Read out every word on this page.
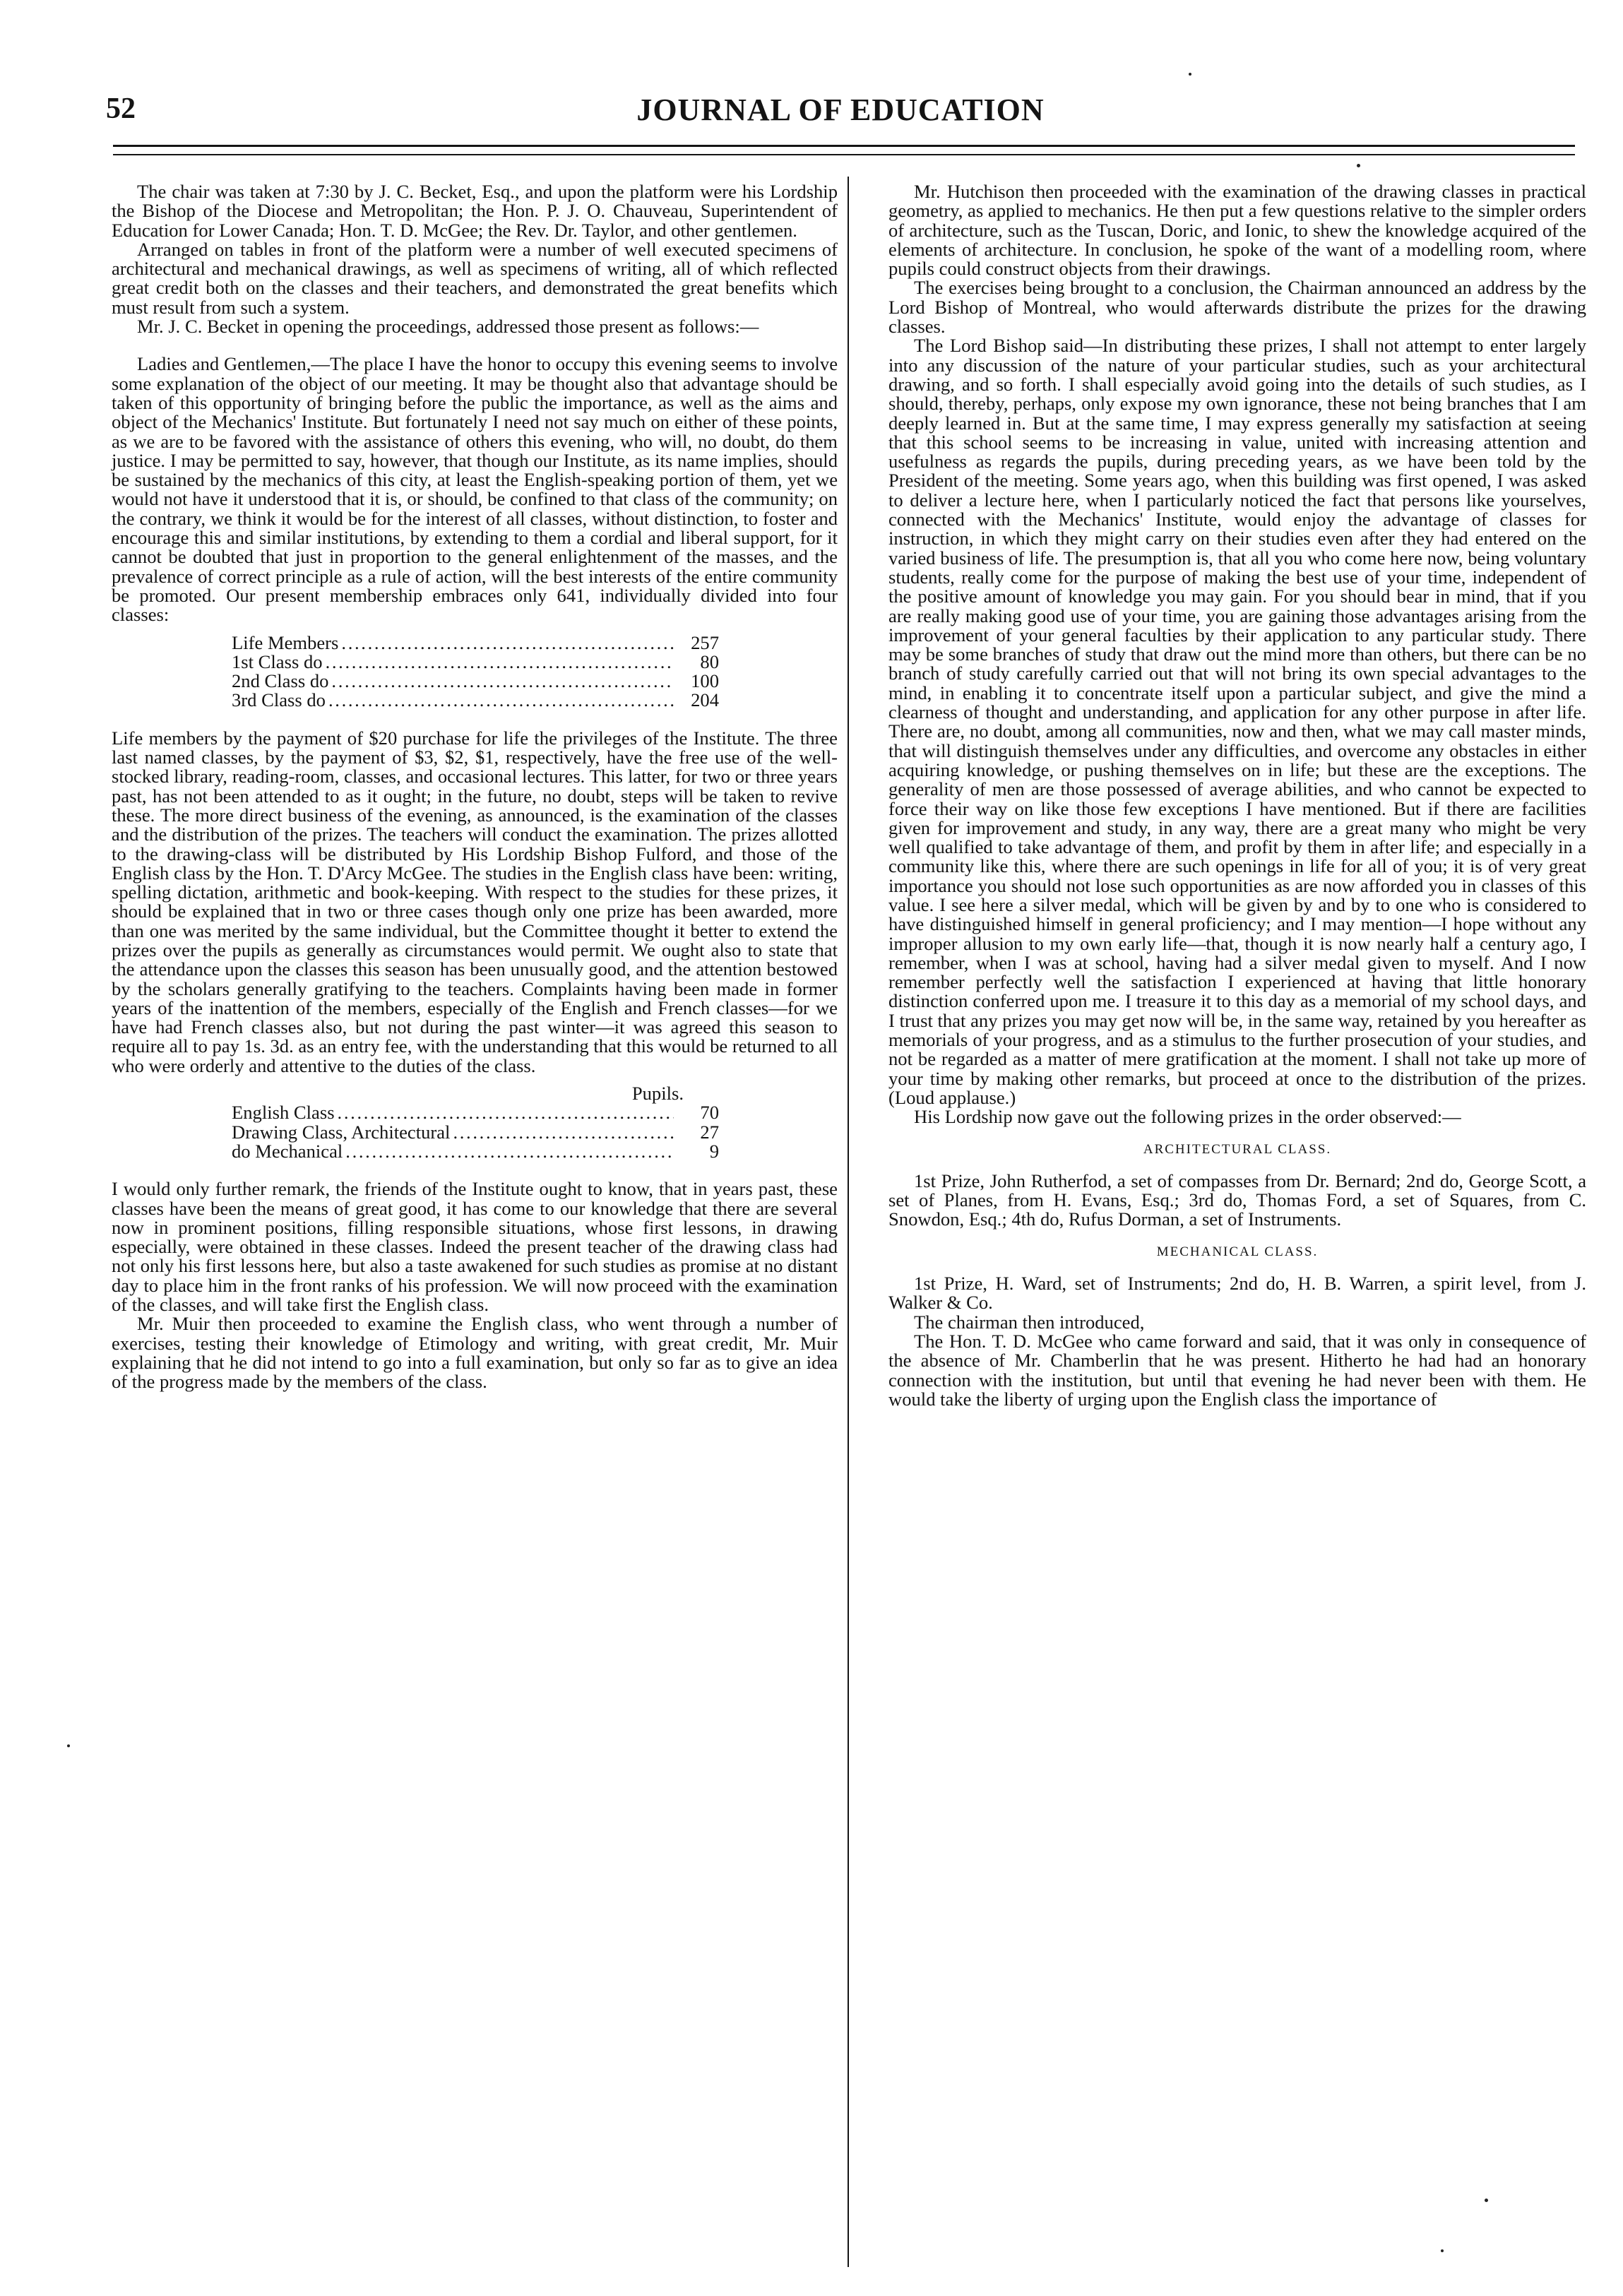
52	JOURNAL OF EDUCATION

The chair was taken at 7:30 by J. C. Becket, Esq., and upon the platform were his Lordship the Bishop of the Diocese and Metropolitan; the Hon. P. J. O. Chauveau, Superintendent of Education for Lower Canada; Hon. T. D. McGee; the Rev. Dr. Taylor, and other gentlemen.

Arranged on tables in front of the platform were a number of well executed specimens of architectural and mechanical drawings, as well as specimens of writing, all of which reflected great credit both on the classes and their teachers, and demonstrated the great benefits which must result from such a system.

Mr. J. C. Becket in opening the proceedings, addressed those present as follows:—

Ladies and Gentlemen,—The place I have the honor to occupy this evening seems to involve some explanation of the object of our meeting. It may be thought also that advantage should be taken of this opportunity of bringing before the public the importance, as well as the aims and object of the Mechanics' Institute. But fortunately I need not say much on either of these points, as we are to be favored with the assistance of others this evening, who will, no doubt, do them justice. I may be permitted to say, however, that though our Institute, as its name implies, should be sustained by the mechanics of this city, at least the English-speaking portion of them, yet we would not have it understood that it is, or should, be confined to that class of the community; on the contrary, we think it would be for the interest of all classes, without distinction, to foster and encourage this and similar institutions, by extending to them a cordial and liberal support, for it cannot be doubted that just in proportion to the general enlightenment of the masses, and the prevalence of correct principle as a rule of action, will the best interests of the entire community be promoted. Our present membership embraces only 641, individually divided into four classes:

Life Members . . .	257
1st Class do . . .	80
2nd Class do . . .	100
3rd Class do . . .	204

Life members by the payment of $20 purchase for life the privileges of the Institute. The three last named classes, by the payment of $3, $2, $1, respectively, have the free use of the well-stocked library, reading-room, classes, and occasional lectures. This latter, for two or three years past, has not been attended to as it ought; in the future, no doubt, steps will be taken to revive these. The more direct business of the evening, as announced, is the examination of the classes and the distribution of the prizes. The teachers will conduct the examination. The prizes allotted to the drawing-class will be distributed by His Lordship Bishop Fulford, and those of the English class by the Hon. T. D'Arcy McGee. The studies in the English class have been: writing, spelling dictation, arithmetic and book-keeping. With respect to the studies for these prizes, it should be explained that in two or three cases though only one prize has been awarded, more than one was merited by the same individual, but the Committee thought it better to extend the prizes over the pupils as generally as circumstances would permit. We ought also to state that the attendance upon the classes this season has been unusually good, and the attention bestowed by the scholars generally gratifying to the teachers. Complaints having been made in former years of the inattention of the members, especially of the English and French classes—for we have had French classes also, but not during the past winter—it was agreed this season to require all to pay 1s. 3d. as an entry fee, with the understanding that this would be returned to all who were orderly and attentive to the duties of the class.

Pupils.
English Class . . .	70
Drawing Class, Architectural . . .	27
do Mechanical . . .	9

I would only further remark, the friends of the Institute ought to know, that in years past, these classes have been the means of great good, it has come to our knowledge that there are several now in prominent positions, filling responsible situations, whose first lessons, in drawing especially, were obtained in these classes. Indeed the present teacher of the drawing class had not only his first lessons here, but also a taste awakened for such studies as promise at no distant day to place him in the front ranks of his profession. We will now proceed with the examination of the classes, and will take first the English class.

Mr. Muir then proceeded to examine the English class, who went through a number of exercises, testing their knowledge of Etimology and writing, with great credit, Mr. Muir explaining that he did not intend to go into a full examination, but only so far as to give an idea of the progress made by the members of the class.

Mr. Hutchison then proceeded with the examination of the drawing classes in practical geometry, as applied to mechanics. He then put a few questions relative to the simpler orders of architecture, such as the Tuscan, Doric, and Ionic, to shew the knowledge acquired of the elements of architecture. In conclusion, he spoke of the want of a modelling room, where pupils could construct objects from their drawings.

The exercises being brought to a conclusion, the Chairman announced an address by the Lord Bishop of Montreal, who would afterwards distribute the prizes for the drawing classes.

The Lord Bishop said—In distributing these prizes, I shall not attempt to enter largely into any discussion of the nature of your particular studies, such as your architectural drawing, and so forth. I shall especially avoid going into the details of such studies, as I should, thereby, perhaps, only expose my own ignorance, these not being branches that I am deeply learned in. But at the same time, I may express generally my satisfaction at seeing that this school seems to be increasing in value, united with increasing attention and usefulness as regards the pupils, during preceding years, as we have been told by the President of the meeting. Some years ago, when this building was first opened, I was asked to deliver a lecture here, when I particularly noticed the fact that persons like yourselves, connected with the Mechanics' Institute, would enjoy the advantage of classes for instruction, in which they might carry on their studies even after they had entered on the varied business of life. The presumption is, that all you who come here now, being voluntary students, really come for the purpose of making the best use of your time, independent of the positive amount of knowledge you may gain. For you should bear in mind, that if you are really making good use of your time, you are gaining those advantages arising from the improvement of your general faculties by their application to any particular study. There may be some branches of study that draw out the mind more than others, but there can be no branch of study carefully carried out that will not bring its own special advantages to the mind, in enabling it to concentrate itself upon a particular subject, and give the mind a clearness of thought and understanding, and application for any other purpose in after life. There are, no doubt, among all communities, now and then, what we may call master minds, that will distinguish themselves under any difficulties, and overcome any obstacles in either acquiring knowledge, or pushing themselves on in life; but these are the exceptions. The generality of men are those possessed of average abilities, and who cannot be expected to force their way on like those few exceptions I have mentioned. But if there are facilities given for improvement and study, in any way, there are a great many who might be very well qualified to take advantage of them, and profit by them in after life; and especially in a community like this, where there are such openings in life for all of you; it is of very great importance you should not lose such opportunities as are now afforded you in classes of this value. I see here a silver medal, which will be given by and by to one who is considered to have distinguished himself in general proficiency; and I may mention—I hope without any improper allusion to my own early life—that, though it is now nearly half a century ago, I remember, when I was at school, having had a silver medal given to myself. And I now remember perfectly well the satisfaction I experienced at having that little honorary distinction conferred upon me. I treasure it to this day as a memorial of my school days, and I trust that any prizes you may get now will be, in the same way, retained by you hereafter as memorials of your progress, and as a stimulus to the further prosecution of your studies, and not be regarded as a matter of mere gratification at the moment. I shall not take up more of your time by making other remarks, but proceed at once to the distribution of the prizes. (Loud applause.)

His Lordship now gave out the following prizes in the order observed:—

ARCHITECTURAL CLASS.

1st Prize, John Rutherfod, a set of compasses from Dr. Bernard; 2nd do, George Scott, a set of Planes, from H. Evans, Esq.; 3rd do, Thomas Ford, a set of Squares, from C. Snowdon, Esq.; 4th do, Rufus Dorman, a set of Instruments.

MECHANICAL CLASS.

1st Prize, H. Ward, set of Instruments; 2nd do, H. B. Warren, a spirit level, from J. Walker & Co.

The chairman then introduced,

The Hon. T. D. McGee who came forward and said, that it was only in consequence of the absence of Mr. Chamberlin that he was present. Hitherto he had had an honorary connection with the institution, but until that evening he had never been with them. He would take the liberty of urging upon the English class the importance of
